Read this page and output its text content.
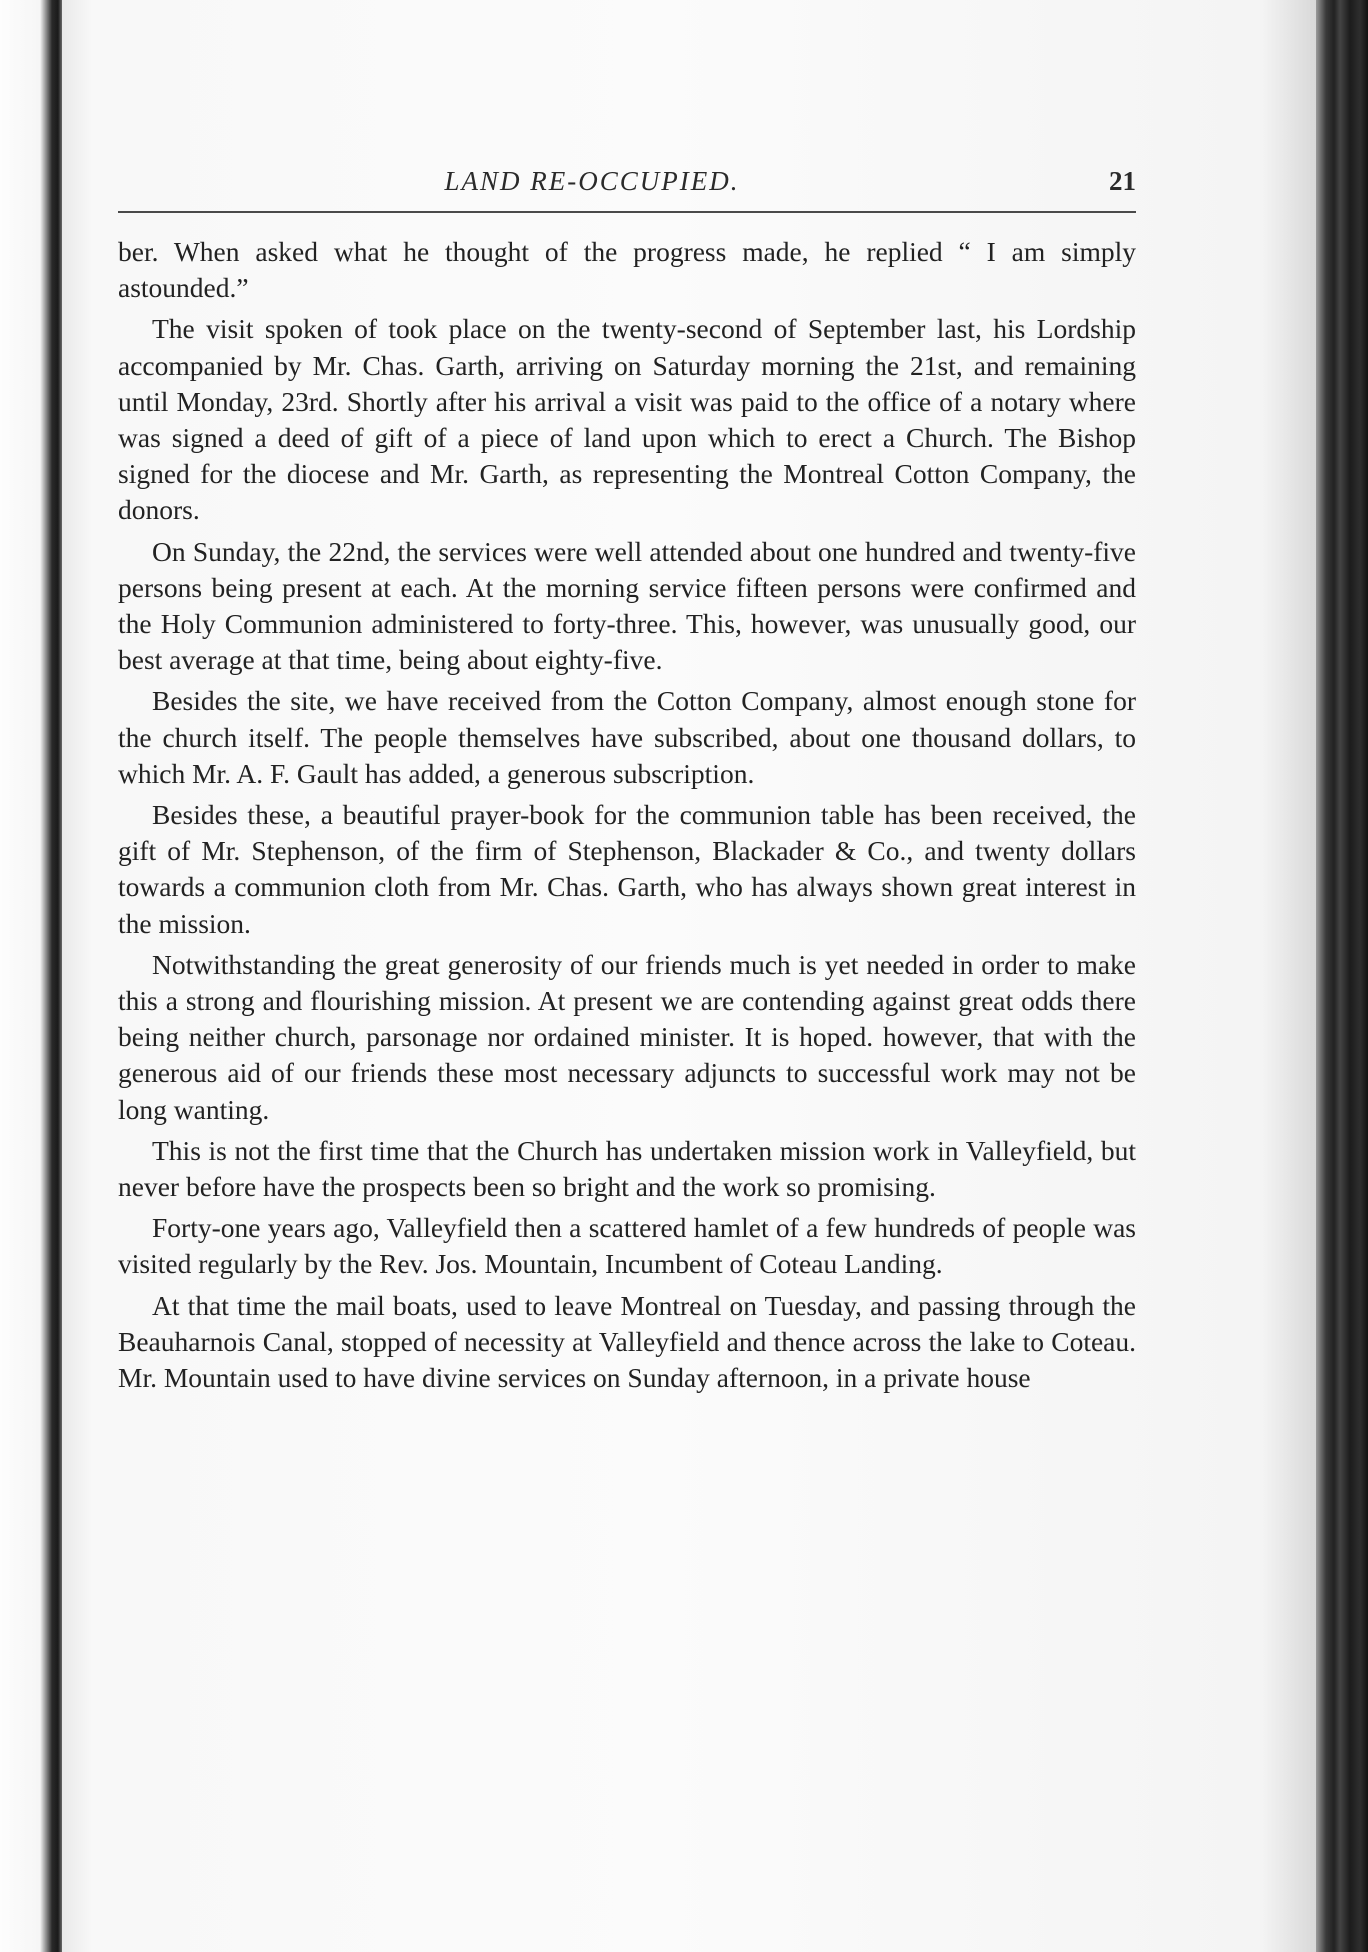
LAND RE-OCCUPIED.	21

ber. When asked what he thought of the progress made, he replied “ I am simply astounded.”

The visit spoken of took place on the twenty-second of September last, his Lordship accompanied by Mr. Chas. Garth, arriving on Saturday morning the 21st, and remaining until Monday, 23rd. Shortly after his arrival a visit was paid to the office of a notary where was signed a deed of gift of a piece of land upon which to erect a Church. The Bishop signed for the diocese and Mr. Garth, as representing the Montreal Cotton Company, the donors.

On Sunday, the 22nd, the services were well attended about one hundred and twenty-five persons being present at each. At the morning service fifteen persons were confirmed and the Holy Communion administered to forty-three. This, however, was unusually good, our best average at that time, being about eighty-five.

Besides the site, we have received from the Cotton Company, almost enough stone for the church itself. The people themselves have subscribed, about one thousand dollars, to which Mr. A. F. Gault has added, a generous subscription.

Besides these, a beautiful prayer-book for the communion table has been received, the gift of Mr. Stephenson, of the firm of Stephenson, Blackader & Co., and twenty dollars towards a communion cloth from Mr. Chas. Garth, who has always shown great interest in the mission.

Notwithstanding the great generosity of our friends much is yet needed in order to make this a strong and flourishing mission. At present we are contending against great odds there being neither church, parsonage nor ordained minister. It is hoped. however, that with the generous aid of our friends these most necessary adjuncts to successful work may not be long wanting.

This is not the first time that the Church has undertaken mission work in Valleyfield, but never before have the prospects been so bright and the work so promising.

Forty-one years ago, Valleyfield then a scattered hamlet of a few hundreds of people was visited regularly by the Rev. Jos. Mountain, Incumbent of Coteau Landing.

At that time the mail boats, used to leave Montreal on Tuesday, and passing through the Beauharnois Canal, stopped of necessity at Valleyfield and thence across the lake to Coteau. Mr. Mountain used to have divine services on Sunday afternoon, in a private house
